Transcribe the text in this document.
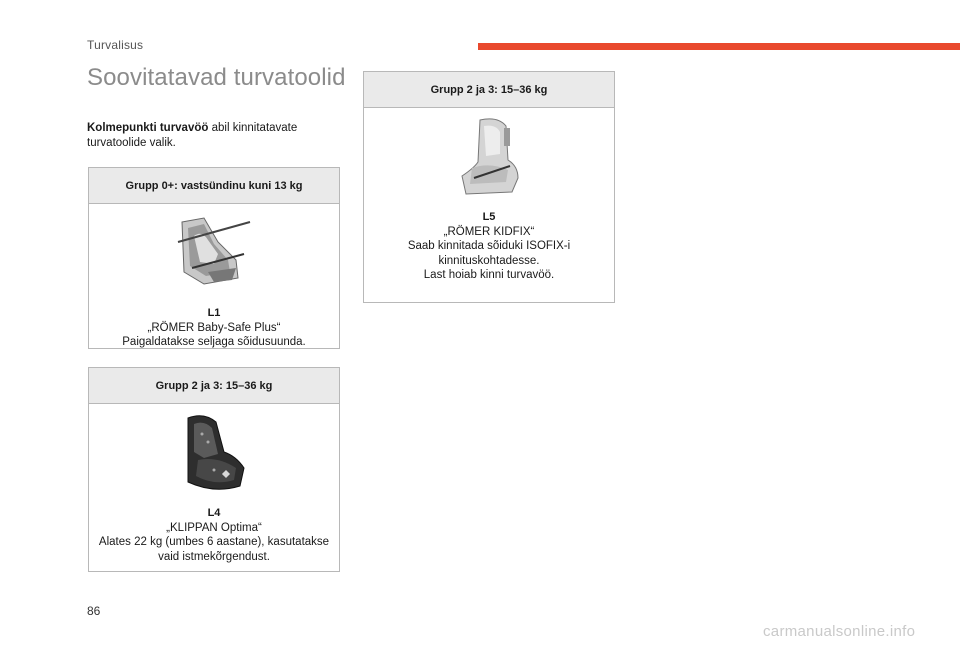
Turvalisus
Soovitatavad turvatoolid
Kolmepunkti turvavöö abil kinnitatavate turvatoolide valik.
Grupp 0+: vastsündinu kuni 13 kg
L1
„RÖMER Baby-Safe Plus“
Paigaldatakse seljaga sõidusuunda.
Grupp 2 ja 3: 15–36 kg
L4
„KLIPPAN Optima“
Alates 22 kg (umbes 6 aastane), kasutatakse
vaid istmekõrgendust.
Grupp 2 ja 3: 15–36 kg
L5
„RÖMER KIDFIX“
Saab kinnitada sõiduki ISOFIX-i
kinnituskohtadesse.
Last hoiab kinni turvavöö.
86
carmanualsonline.info
